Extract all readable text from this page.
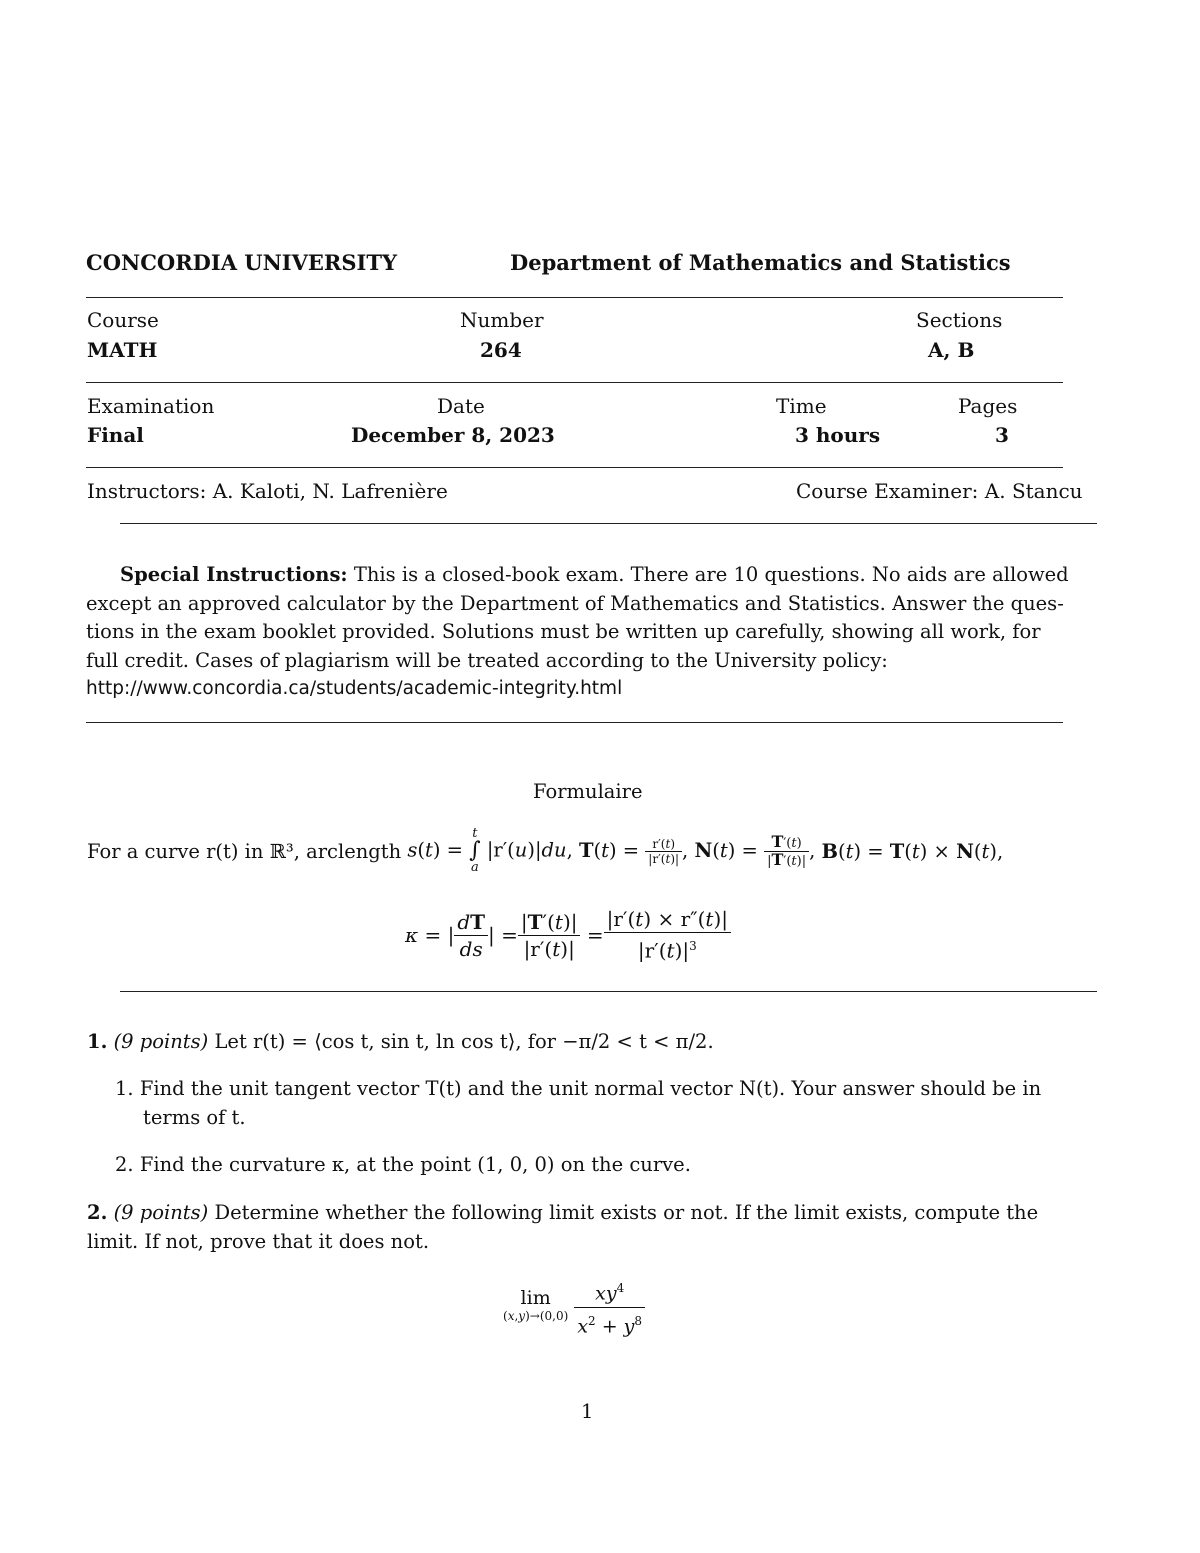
CONCORDIA UNIVERSITY	Department of Mathematics and Statistics
Course
MATH
Number
264
Sections
A, B
Examination
Final
Date
December 8, 2023
Time
3 hours
Pages
3
Instructors: A. Kaloti, N. Lafrenière	Course Examiner: A. Stancu
Special Instructions: This is a closed-book exam. There are 10 questions. No aids are allowed
except an approved calculator by the Department of Mathematics and Statistics. Answer the ques-
tions in the exam booklet provided. Solutions must be written up carefully, showing all work, for
full credit. Cases of plagiarism will be treated according to the University policy:
http://www.concordia.ca/students/academic-integrity.html
Formulaire
For a curve r(t) in ℝ³, arclength s(t) =
t
∫
a
|r′(u)|du,
$T(t) = \frac{r'(t)}{|r'(t)|}$ ,
$N(t) = \frac{T'(t)}{|T'(t)|}$ ,
B(t) = T(t) × N(t),
κ = | $\frac{dT}{ds}$ | = $\frac{|T'(t)|}{|r'(t)|} = \frac{|r'(t) \times r''(t)|}{|r'(t)|^3}$
1. (9 points) Let r(t) = ⟨cos t, sin t, ln cos t⟩, for −π/2 < t < π/2.
1. Find the unit tangent vector T(t) and the unit normal vector N(t). Your answer should be in
terms of t.
2. Find the curvature κ, at the point (1, 0, 0) on the curve.
2. (9 points) Determine whether the following limit exists or not. If the limit exists, compute the
limit. If not, prove that it does not.
lim
(x,y)→(0,0)
$\frac{xy^4}{x^2 + y^8}$
1
